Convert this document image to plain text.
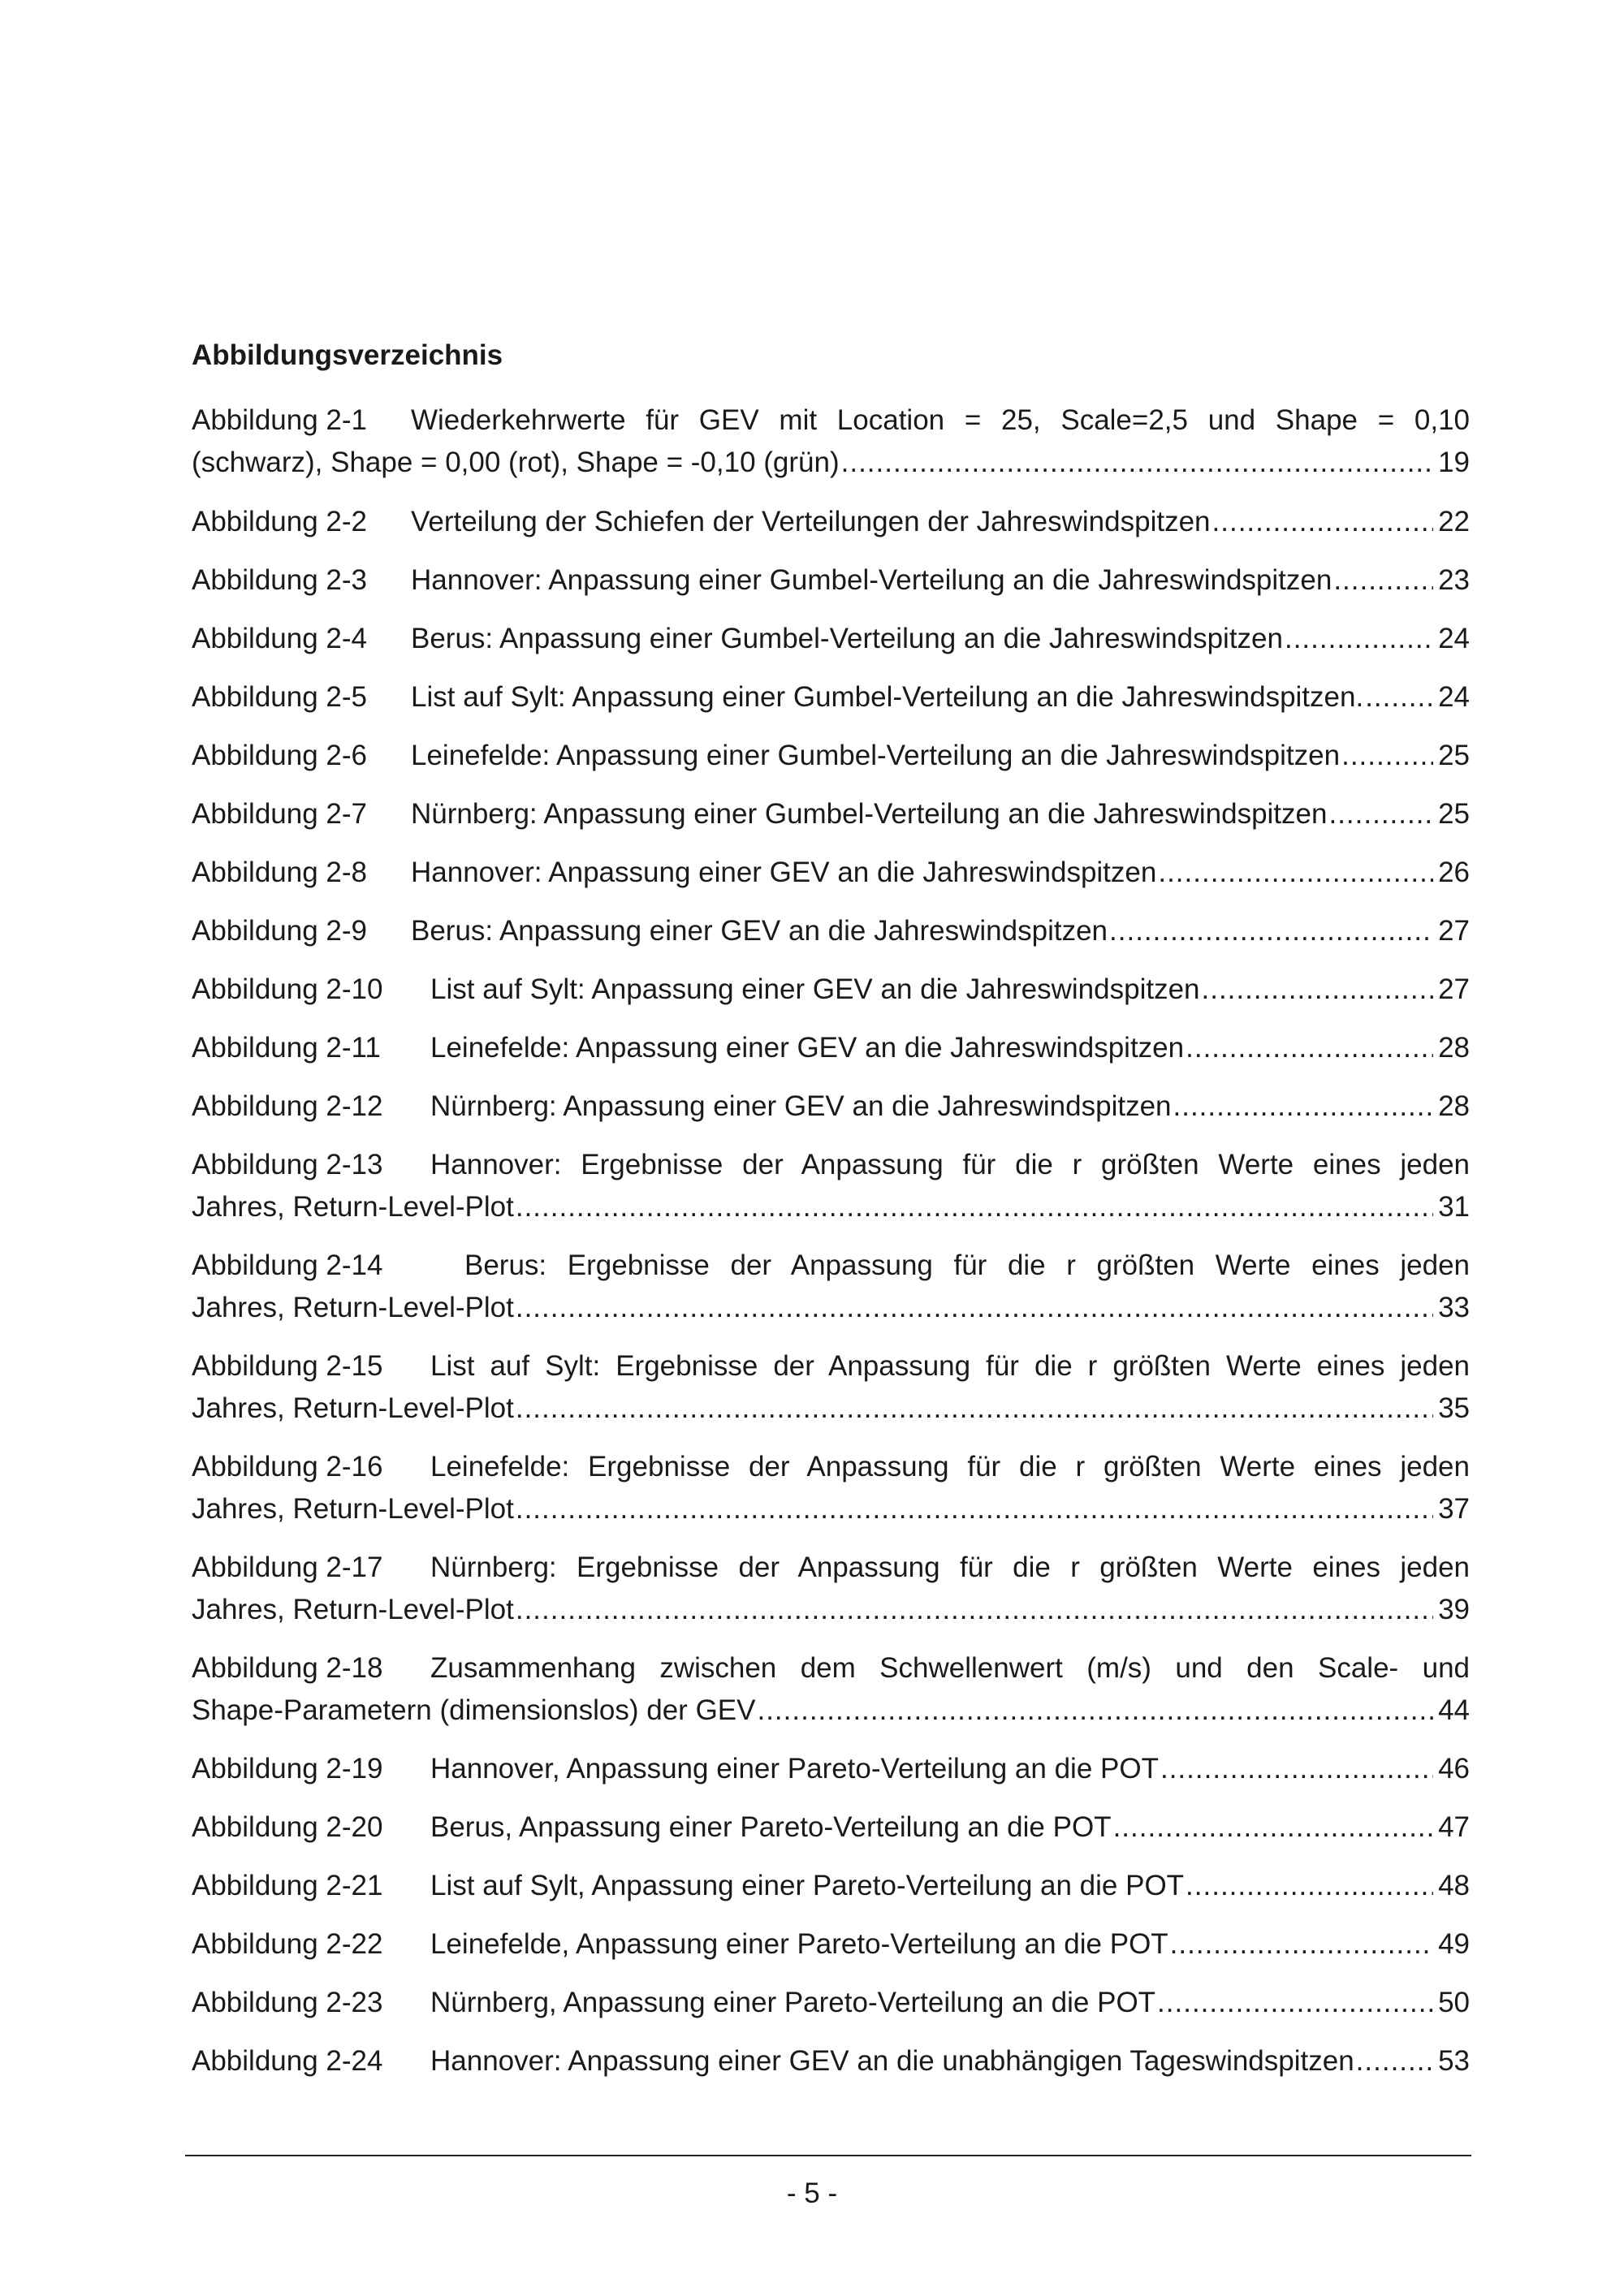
Abbildungsverzeichnis
Abbildung 2-1	Wiederkehrwerte für GEV mit Location = 25, Scale=2,5 und Shape = 0,10
(schwarz), Shape = 0,00 (rot), Shape = -0,10 (grün) .....	19
Abbildung 2-2	Verteilung der Schiefen der Verteilungen der Jahreswindspitzen .....	22
Abbildung 2-3	Hannover: Anpassung einer Gumbel-Verteilung an die Jahreswindspitzen .....	23
Abbildung 2-4	Berus: Anpassung einer Gumbel-Verteilung an die Jahreswindspitzen .....	24
Abbildung 2-5	List auf Sylt: Anpassung einer Gumbel-Verteilung an die Jahreswindspitzen. .....	24
Abbildung 2-6	Leinefelde: Anpassung einer Gumbel-Verteilung an die Jahreswindspitzen .....	25
Abbildung 2-7	Nürnberg: Anpassung einer Gumbel-Verteilung an die Jahreswindspitzen .....	25
Abbildung 2-8	Hannover: Anpassung einer GEV an die Jahreswindspitzen .....	26
Abbildung 2-9	Berus: Anpassung einer GEV an die Jahreswindspitzen .....	27
Abbildung 2-10	List auf Sylt: Anpassung einer GEV an die Jahreswindspitzen .....	27
Abbildung 2-11	Leinefelde: Anpassung einer GEV an die Jahreswindspitzen .....	28
Abbildung 2-12	Nürnberg: Anpassung einer GEV an die Jahreswindspitzen .....	28
Abbildung 2-13	Hannover: Ergebnisse der Anpassung für die r größten Werte eines jeden
Jahres, Return-Level-Plot .....	31
Abbildung 2-14	Berus: Ergebnisse der Anpassung für die r größten Werte eines jeden
Jahres, Return-Level-Plot .....	33
Abbildung 2-15	List auf Sylt: Ergebnisse der Anpassung für die r größten Werte eines jeden
Jahres, Return-Level-Plot .....	35
Abbildung 2-16	Leinefelde: Ergebnisse der Anpassung für die r größten Werte eines jeden
Jahres, Return-Level-Plot .....	37
Abbildung 2-17	Nürnberg: Ergebnisse der Anpassung für die r größten Werte eines jeden
Jahres, Return-Level-Plot .....	39
Abbildung 2-18	Zusammenhang zwischen dem Schwellenwert (m/s) und den Scale- und
Shape-Parametern (dimensionslos) der GEV .....	44
Abbildung 2-19	Hannover, Anpassung einer Pareto-Verteilung an die POT .....	46
Abbildung 2-20	Berus, Anpassung einer Pareto-Verteilung an die POT .....	47
Abbildung 2-21	List auf Sylt, Anpassung einer Pareto-Verteilung an die POT .....	48
Abbildung 2-22	Leinefelde, Anpassung einer Pareto-Verteilung an die POT .....	49
Abbildung 2-23	Nürnberg, Anpassung einer Pareto-Verteilung an die POT .....	50
Abbildung 2-24	Hannover: Anpassung einer GEV an die unabhängigen Tageswindspitzen .....	53
- 5 -
